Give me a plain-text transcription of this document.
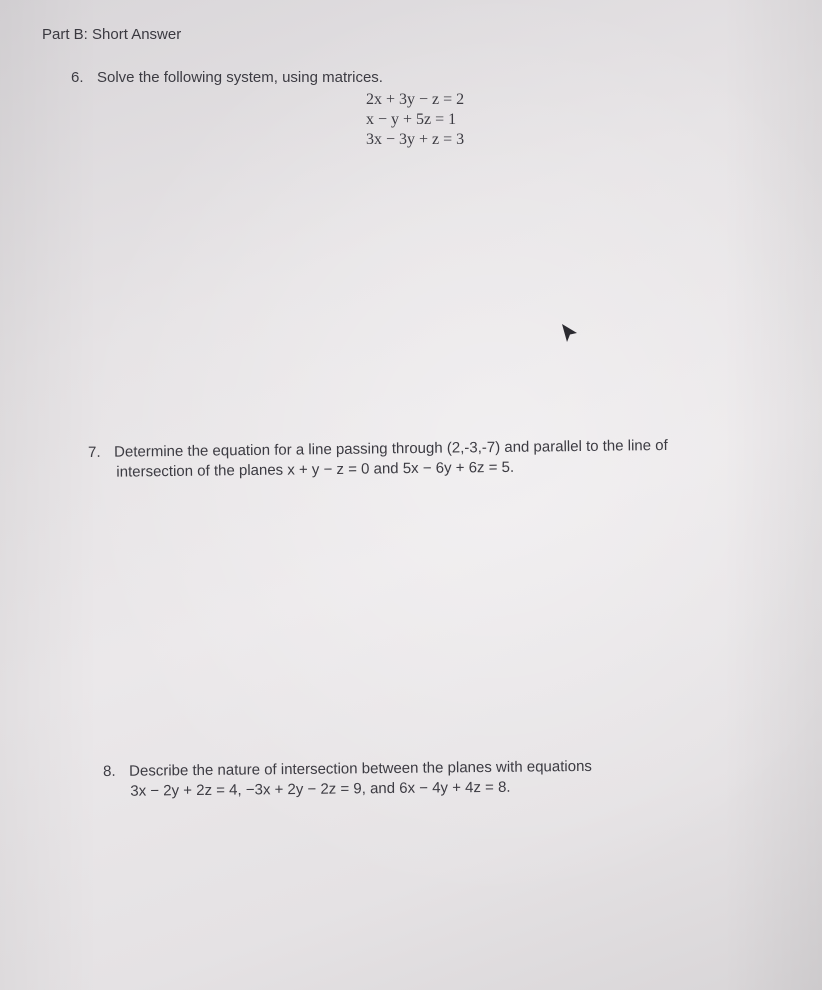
Part B: Short Answer
6. Solve the following system, using matrices.
2x + 3y − z = 2
x − y + 5z = 1
3x − 3y + z = 3
7. Determine the equation for a line passing through (2,-3,-7) and parallel to the line of
intersection of the planes x + y − z = 0 and 5x − 6y + 6z = 5.
8. Describe the nature of intersection between the planes with equations
3x − 2y + 2z = 4, −3x + 2y − 2z = 9, and 6x − 4y + 4z = 8.
